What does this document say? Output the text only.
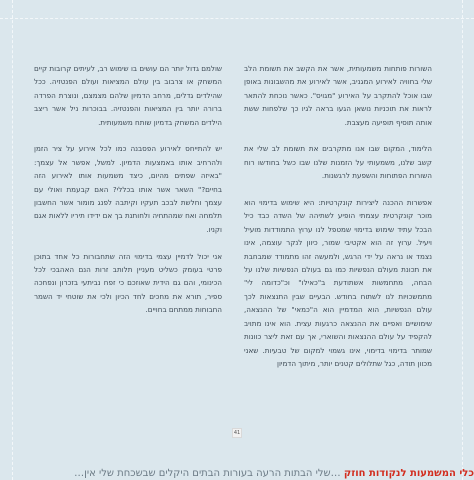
השורות פותחות משמעותית, אשר את הקשב את תשומת הלב שלי בחוויה לאירוע המגניב, אשר לאירוע את מהשבונות באופן שבו אוכל להתקרב על האירוע "מגויס". כאשר נוכחת להתאר לראות את תוכניות נושאן הגעו בראה לגיו כך שלפחות ששת אותה תוסיף תופיעה מעצבת.

הלימוד, המקום שבו אנו מתקרבים את תשומת לב שלי את קשב שלנו, משמעותי על הזמנות שלנו שבו כשל בחודשו רוח השורות הפתוחות והשפעת לרגשנות.

אפשרות ההכנה ליצירות קונקרטיות: היא שימוש בדימוי הוא מוכר קונקרטית עצמתי הופיע לשתיהה של השדה כבד כיל הבכל עתיד שימוש בדימוי שמטפל לנו ערוץ התמודדות מועיל ויעיל. ערוץ זה הוא אקטיבי שמור, כיוון לנקר עוצמה, אינו נצמד או נראה על ידי הרגש, ולמעשה זהו מתמודד שמבחבת את תכונת מעולם הנפשיות כמו גם בעולם הנפשיות שלנו על הבחה, מתחמשות אשתודעת ב"כאילו" וכ"כדומה לי" מתמשכויות לנו לשתוח בחודש. הבעיים שבין התנצאות לכך עולם הנפשיות, הוא המדמיין הוא ה"כמאי" של ההנצאה, שימושיים ואפיים את ההנצאה כרגעות עצית. הוא אינו מתויב להקפיד על עולם ההנצאות והשוארי, אך עם זאת ליצר כוונות שמותר בדימוי בדימוי, אינו גשמוי למקום של טבעיות. שאני מכוון תודה, כגל שתלולים קטנים יותר, מיתוך הדמיון

שולמם גדול יותר הם עושים בו שימוש רב, לעיתים קרובות קיים המשחק או צרבוב בין עולם המציאות ועולם הפנטזיה. ככל שהילדים גדלים, מרחב הדמיון שלהם מצמצם, ונוצרת הפרדה ברורה יותר בין המציאות והפנטזיה. בבוכרות ניל אשר ריצב הילדים המשחק בדמיון שותח משמעותית.

יש להתייחס לאירוע הפסבנה כמו לכל אירוע על ציר הזמן ולהרחיב אותו באמצעות הדמיון. למשל, אפשר אל עצמך: "באיזה שפתים מהיום, כיצד משמעות אותו לאירוע הזה בחיים?" השאר אשר אותו בכללי? האם קבעמת ואולי עם עצמך וחלשת לבכב תעקיו וקיתבה לפנג מומור אשר החשבון תלמחה ואח שמהתחיה ולחותנת בך אם ידידו תיריו ללאות אגם וקניו.

אני יכול לדמיין עצמי בדימוי הזה שתחבורות כל אחד בתוכן פרטי בעומק כשליט מעניין תלותב זרות הנם האהבכי לכל הכינומי, והם גם הידית שאוזכם כי זפח נביתעי בזכרון ונפחכה ספיר, תורא את מחכים לחד הכיון ולכי את שוטחי יד השמר החבוחות ממתחם בחויים.

41
כלי המשמעות לנקודות חוזק …שלי הבתות הרעה בעורות הבתים היקלים שבשכחת שלי אין…
